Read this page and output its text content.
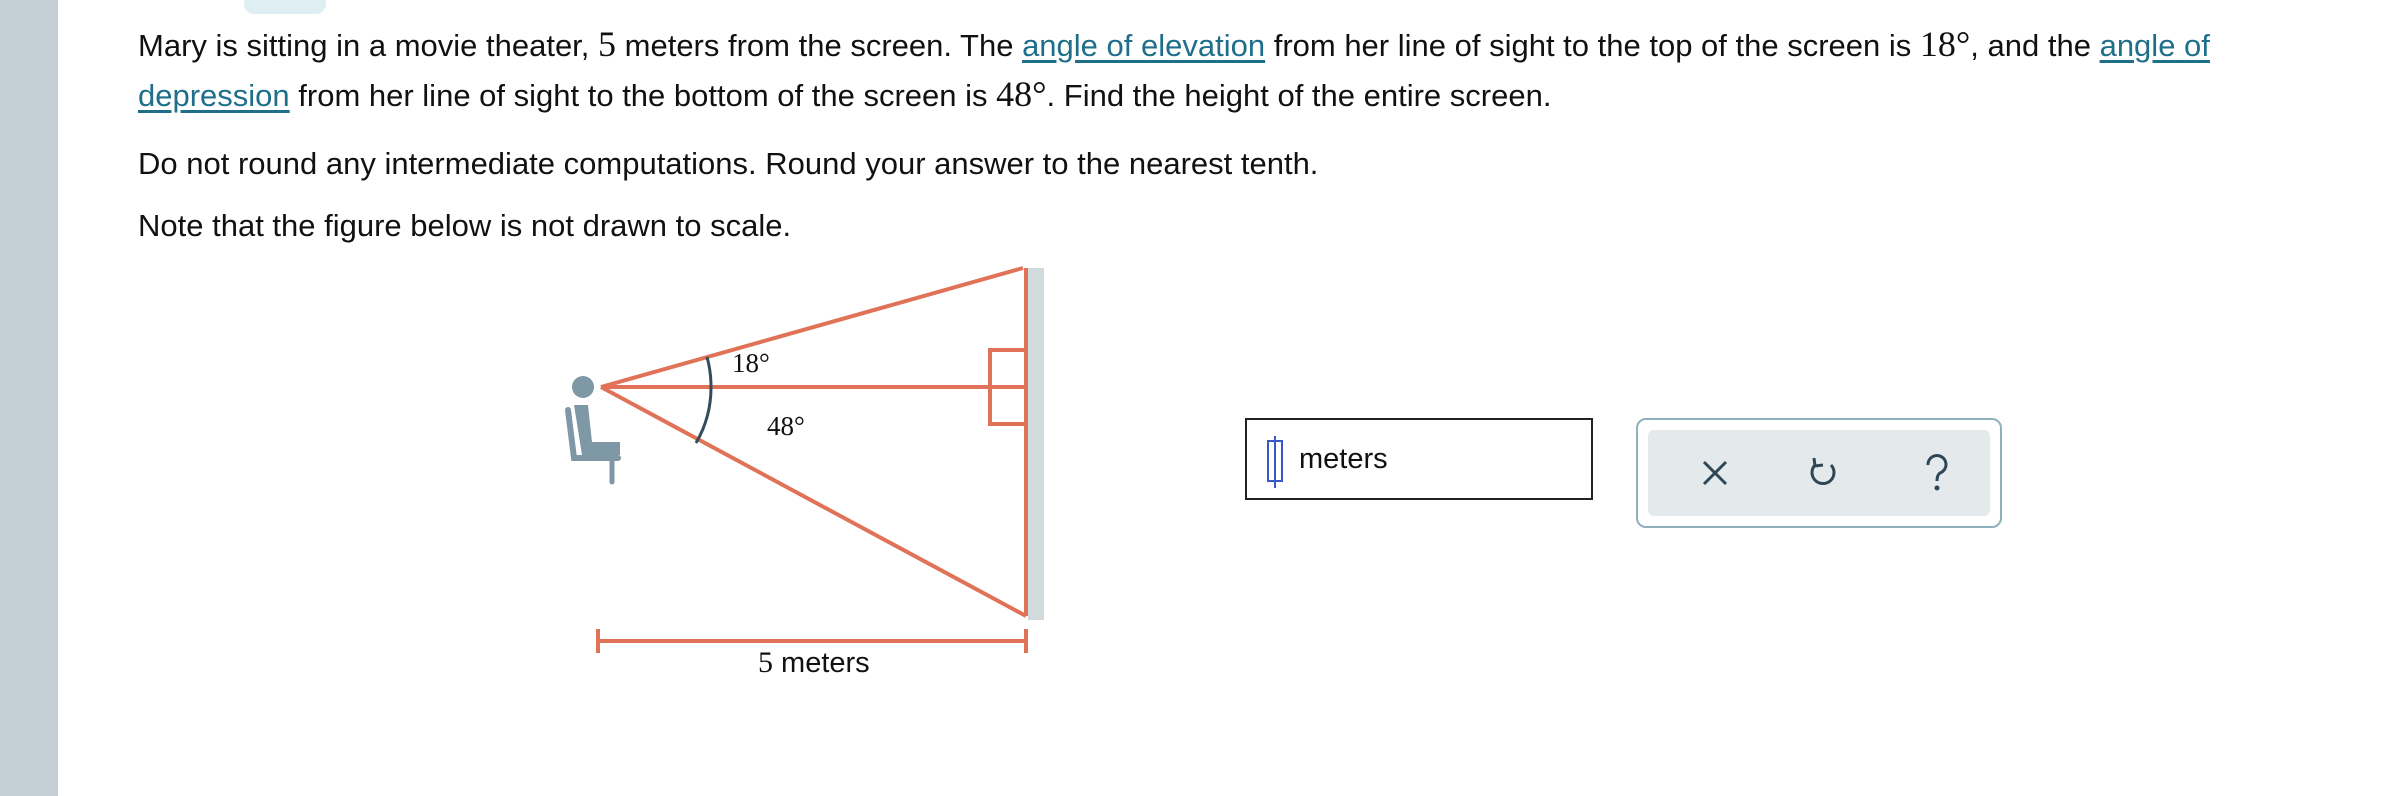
Mary is sitting in a movie theater, 5 meters from the screen. The angle of elevation from her line of sight to the top of the screen is 18°, and the angle of depression from her line of sight to the bottom of the screen is 48°. Find the height of the entire screen.

Do not round any intermediate computations. Round your answer to the nearest tenth.

Note that the figure below is not drawn to scale.

18°
48°
5 meters
meters
